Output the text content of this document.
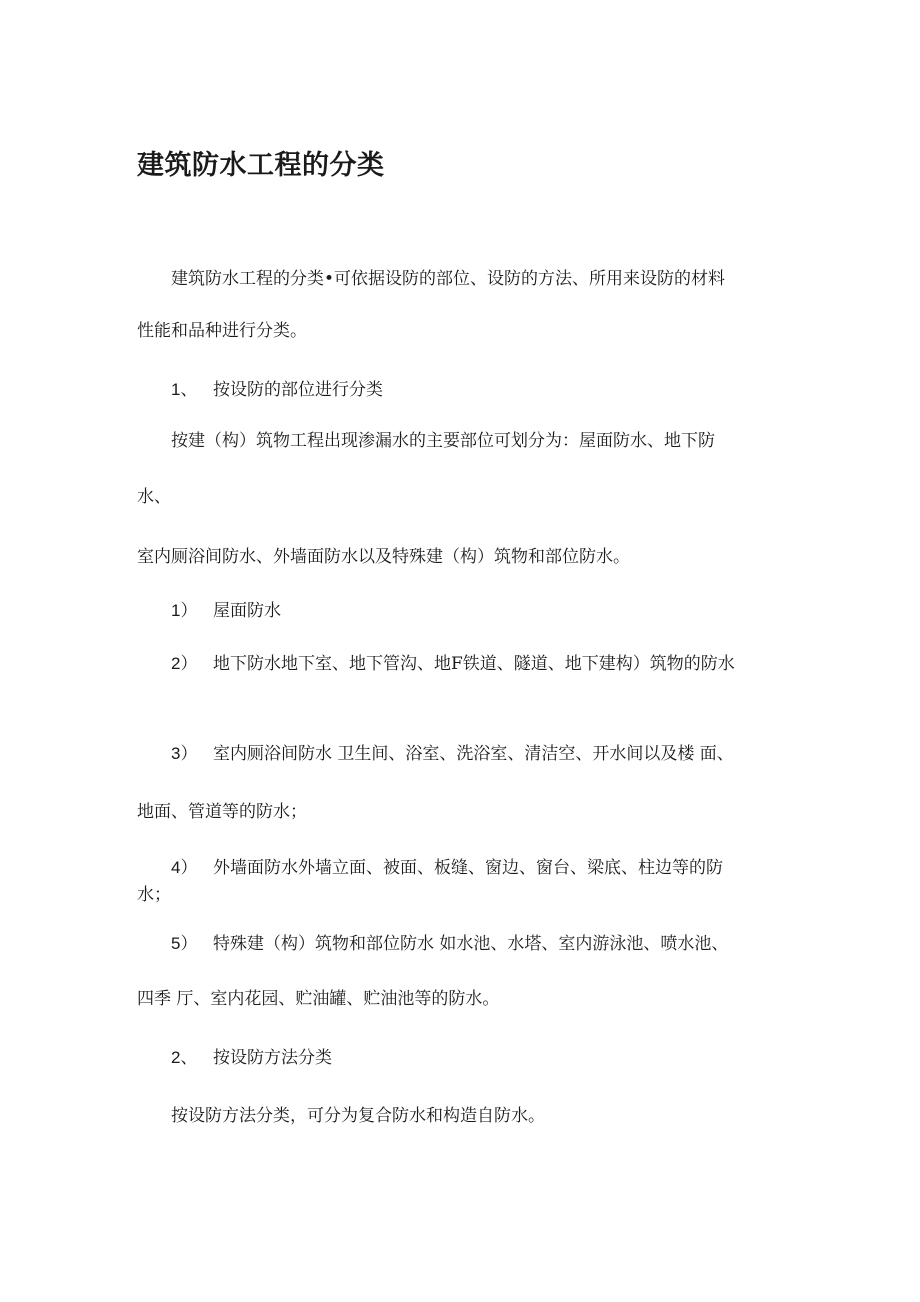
建筑防水工程的分类
建筑防水工程的分类•可依据设防的部位、设防的方法、所用来设防的材料
性能和品种进行分类。
1、 按设防的部位进行分类
按建（构）筑物工程出现渗漏水的主要部位可划分为：屋面防水、地下防
水、
室内厕浴间防水、外墙面防水以及特殊建（构）筑物和部位防水。
1） 屋面防水
2） 地下防水地下室、地下管沟、地F铁道、隧道、地下建构）筑物的防水
3） 室内厕浴间防水 卫生间、浴室、洗浴室、清洁空、开水间以及楼 面、
地面、管道等的防水；
4） 外墙面防水外墙立面、被面、板缝、窗边、窗台、梁底、柱边等的防
水；
5） 特殊建（构）筑物和部位防水 如水池、水塔、室内游泳池、喷水池、
四季 厅、室内花园、贮油罐、贮油池等的防水。
2、 按设防方法分类
按设防方法分类，可分为复合防水和构造自防水。
